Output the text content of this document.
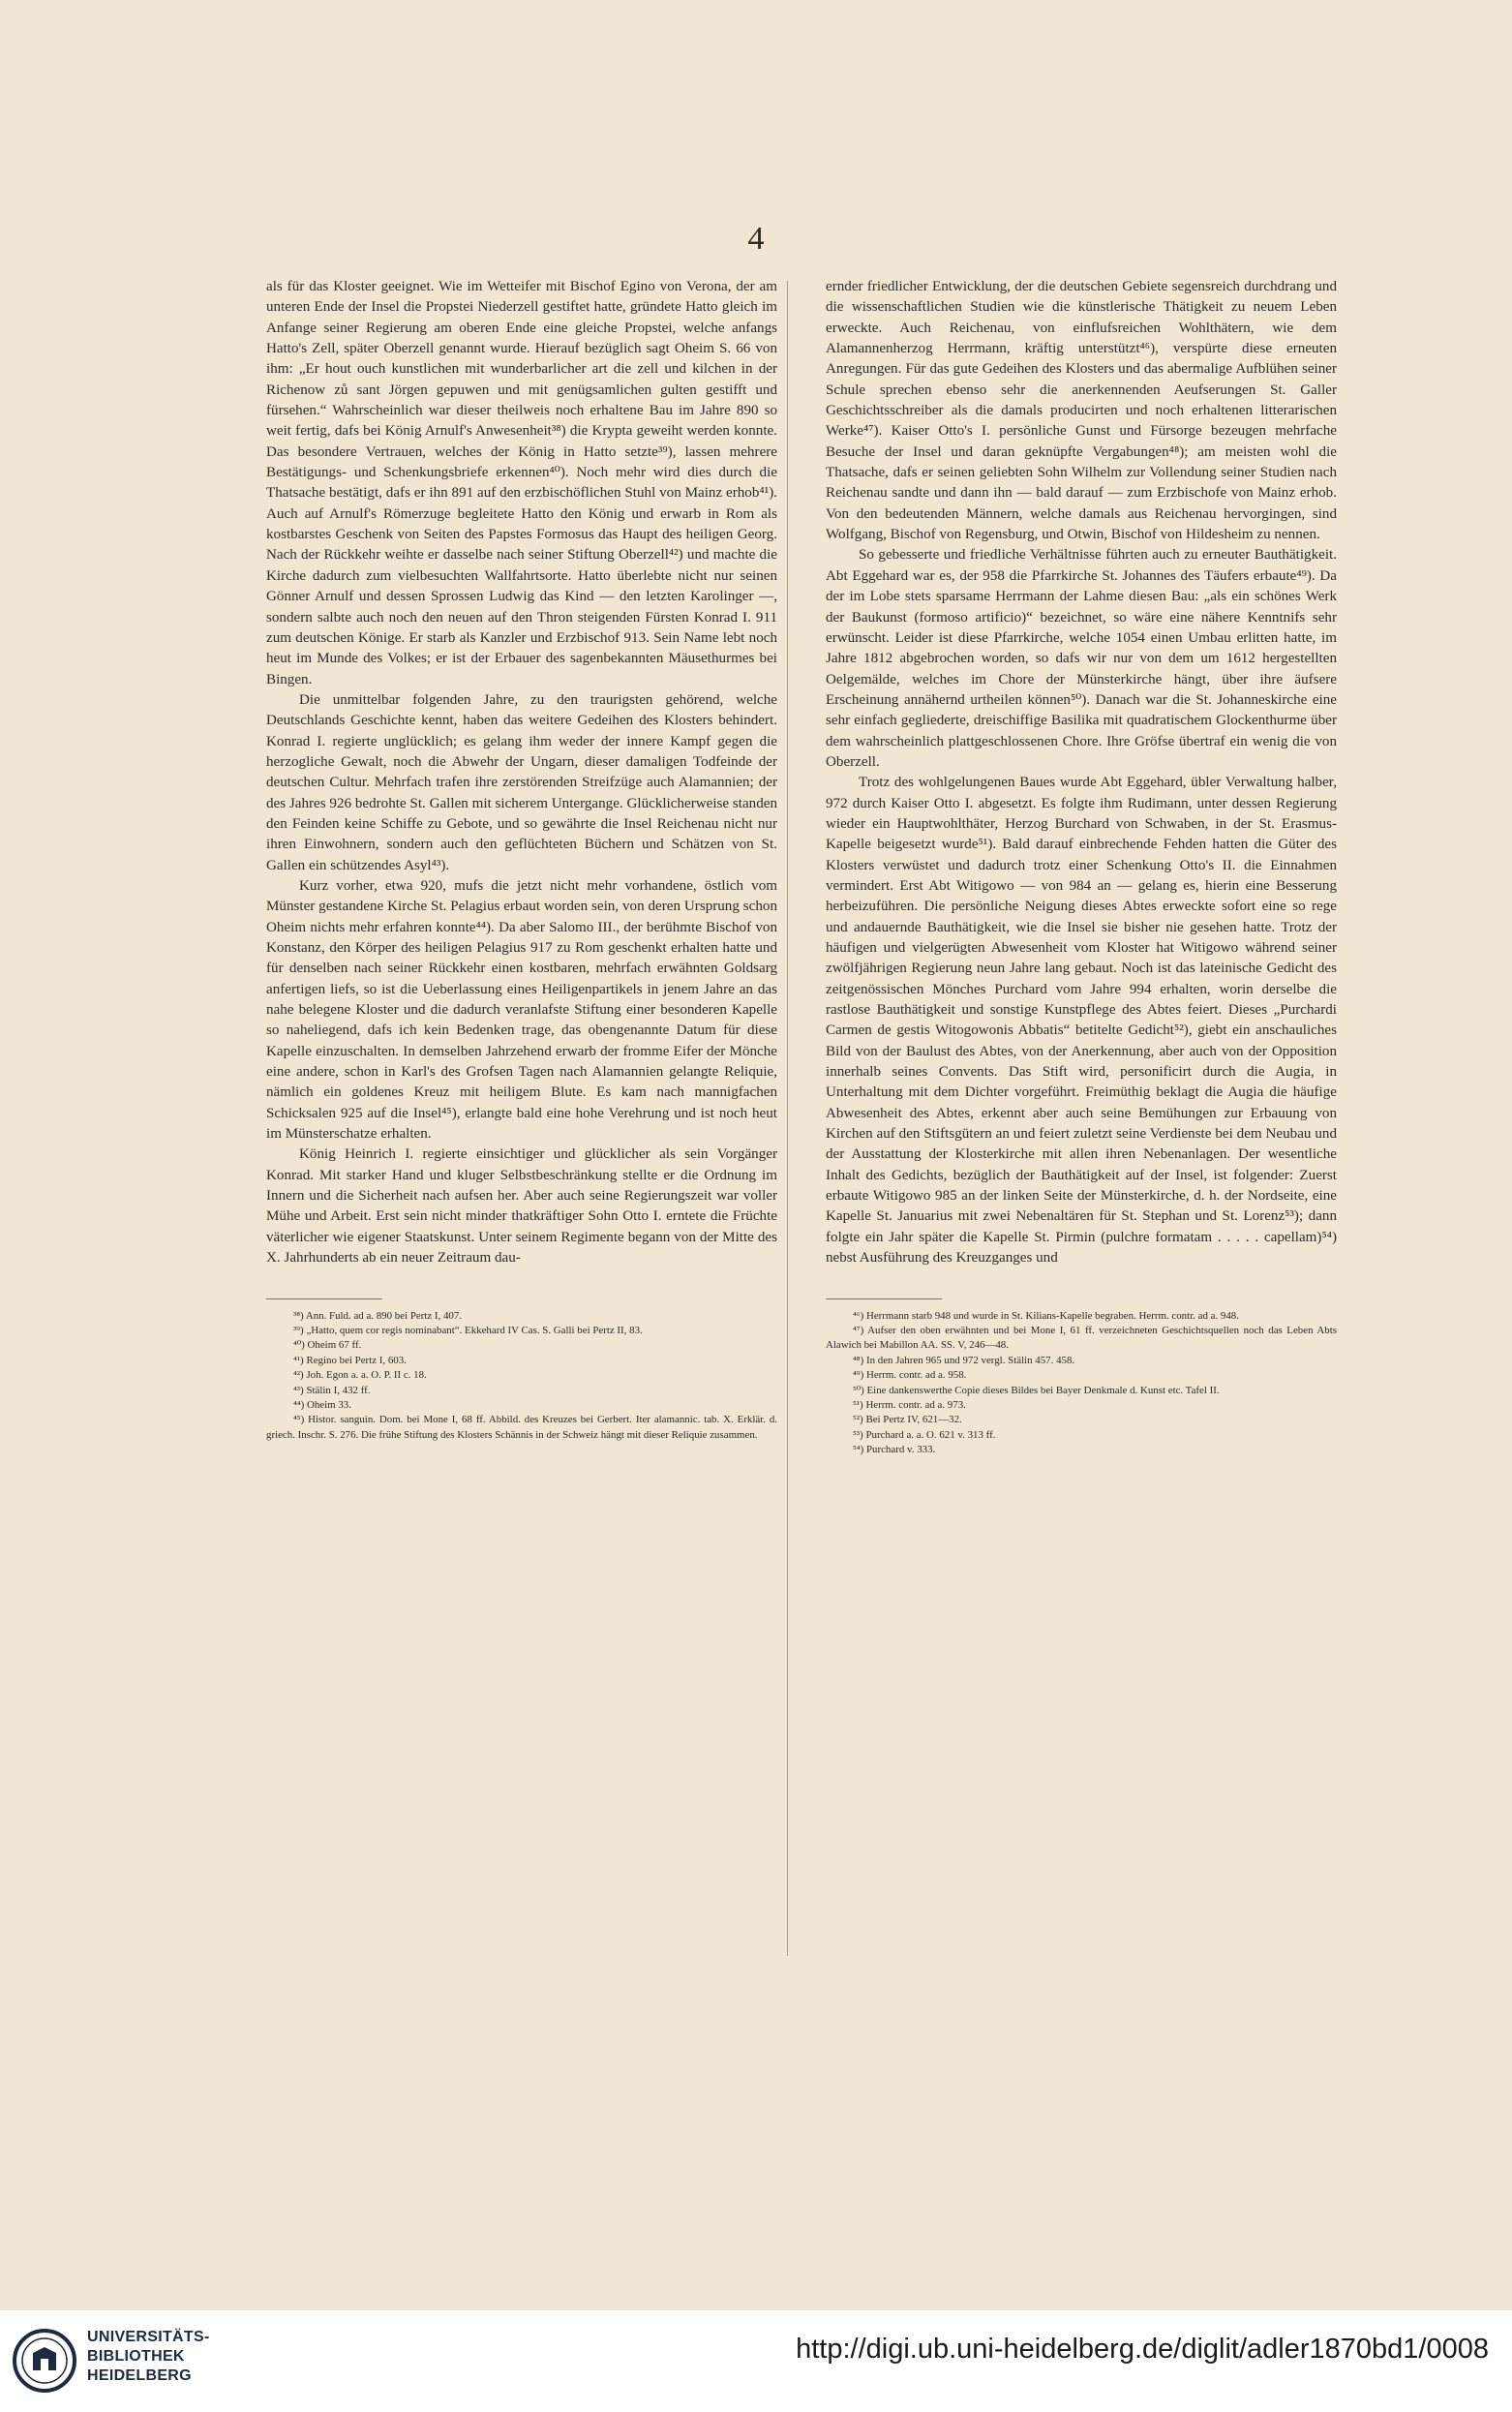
4

als für das Kloster geeignet. Wie im Wetteifer mit Bischof Egino von Verona, der am unteren Ende der Insel die Propstei Niederzell gestiftet hatte, gründete Hatto gleich im Anfange seiner Regierung am oberen Ende eine gleiche Propstei, welche anfangs Hatto's Zell, später Oberzell genannt wurde. Hierauf bezüglich sagt Oheim S. 66 von ihm: „Er hout ouch kunstlichen mit wunderbarlicher art die zell und kilchen in der Richenow zů sant Jörgen gepuwen und mit genügsamlichen gulten gestifft und fürsehen.“ Wahrscheinlich war dieser theilweis noch erhaltene Bau im Jahre 890 so weit fertig, dafs bei König Arnulf's Anwesenheit³⁸) die Krypta geweiht werden konnte. Das besondere Vertrauen, welches der König in Hatto setzte³⁹), lassen mehrere Bestätigungs- und Schenkungsbriefe erkennen⁴⁰). Noch mehr wird dies durch die Thatsache bestätigt, dafs er ihn 891 auf den erzbischöflichen Stuhl von Mainz erhob⁴¹). Auch auf Arnulf's Römerzuge begleitete Hatto den König und erwarb in Rom als kostbarstes Geschenk von Seiten des Papstes Formosus das Haupt des heiligen Georg. Nach der Rückkehr weihte er dasselbe nach seiner Stiftung Oberzell⁴²) und machte die Kirche dadurch zum vielbesuchten Wallfahrtsorte. Hatto überlebte nicht nur seinen Gönner Arnulf und dessen Sprossen Ludwig das Kind — den letzten Karolinger —, sondern salbte auch noch den neuen auf den Thron steigenden Fürsten Konrad I. 911 zum deutschen Könige. Er starb als Kanzler und Erzbischof 913. Sein Name lebt noch heut im Munde des Volkes; er ist der Erbauer des sagenbekannten Mäusethurmes bei Bingen.

Die unmittelbar folgenden Jahre, zu den traurigsten gehörend, welche Deutschlands Geschichte kennt, haben das weitere Gedeihen des Klosters behindert. Konrad I. regierte unglücklich; es gelang ihm weder der innere Kampf gegen die herzogliche Gewalt, noch die Abwehr der Ungarn, dieser damaligen Todfeinde der deutschen Cultur. Mehrfach trafen ihre zerstörenden Streifzüge auch Alamannien; der des Jahres 926 bedrohte St. Gallen mit sicherem Untergange. Glücklicherweise standen den Feinden keine Schiffe zu Gebote, und so gewährte die Insel Reichenau nicht nur ihren Einwohnern, sondern auch den geflüchteten Büchern und Schätzen von St. Gallen ein schützendes Asyl⁴³).

Kurz vorher, etwa 920, mufs die jetzt nicht mehr vorhandene, östlich vom Münster gestandene Kirche St. Pelagius erbaut worden sein, von deren Ursprung schon Oheim nichts mehr erfahren konnte⁴⁴). Da aber Salomo III., der berühmte Bischof von Konstanz, den Körper des heiligen Pelagius 917 zu Rom geschenkt erhalten hatte und für denselben nach seiner Rückkehr einen kostbaren, mehrfach erwähnten Goldsarg anfertigen liefs, so ist die Ueberlassung eines Heiligenpartikels in jenem Jahre an das nahe belegene Kloster und die dadurch veranlafste Stiftung einer besonderen Kapelle so naheliegend, dafs ich kein Bedenken trage, das obengenannte Datum für diese Kapelle einzuschalten. In demselben Jahrzehend erwarb der fromme Eifer der Mönche eine andere, schon in Karl's des Grofsen Tagen nach Alamannien gelangte Reliquie, nämlich ein goldenes Kreuz mit heiligem Blute. Es kam nach mannigfachen Schicksalen 925 auf die Insel⁴⁵), erlangte bald eine hohe Verehrung und ist noch heut im Münsterschatze erhalten.

König Heinrich I. regierte einsichtiger und glücklicher als sein Vorgänger Konrad. Mit starker Hand und kluger Selbstbeschränkung stellte er die Ordnung im Innern und die Sicherheit nach aufsen her. Aber auch seine Regierungszeit war voller Mühe und Arbeit. Erst sein nicht minder thatkräftiger Sohn Otto I. erntete die Früchte väterlicher wie eigener Staatskunst. Unter seinem Regimente begann von der Mitte des X. Jahrhunderts ab ein neuer Zeitraum dau-

³⁸) Ann. Fuld. ad a. 890 bei Pertz I, 407.

³⁹) „Hatto, quem cor regis nominabant“. Ekkehard IV Cas. S. Galli bei Pertz II, 83.

⁴⁰) Oheim 67 ff.

⁴¹) Regino bei Pertz I, 603.

⁴²) Joh. Egon a. a. O. P. II c. 18.

⁴³) Stälin I, 432 ff.

⁴⁴) Oheim 33.

⁴⁵) Histor. sanguin. Dom. bei Mone I, 68 ff. Abbild. des Kreuzes bei Gerbert. Iter alamannic. tab. X. Erklär. d. griech. Inschr. S. 276. Die frühe Stiftung des Klosters Schännis in der Schweiz hängt mit dieser Reliquie zusammen.

ernder friedlicher Entwicklung, der die deutschen Gebiete segensreich durchdrang und die wissenschaftlichen Studien wie die künstlerische Thätigkeit zu neuem Leben erweckte. Auch Reichenau, von einflufsreichen Wohlthätern, wie dem Alamannenherzog Herrmann, kräftig unterstützt⁴⁶), verspürte diese erneuten Anregungen. Für das gute Gedeihen des Klosters und das abermalige Aufblühen seiner Schule sprechen ebenso sehr die anerkennenden Aeufserungen St. Galler Geschichtsschreiber als die damals producirten und noch erhaltenen litterarischen Werke⁴⁷). Kaiser Otto's I. persönliche Gunst und Fürsorge bezeugen mehrfache Besuche der Insel und daran geknüpfte Vergabungen⁴⁸); am meisten wohl die Thatsache, dafs er seinen geliebten Sohn Wilhelm zur Vollendung seiner Studien nach Reichenau sandte und dann ihn — bald darauf — zum Erzbischofe von Mainz erhob. Von den bedeutenden Männern, welche damals aus Reichenau hervorgingen, sind Wolfgang, Bischof von Regensburg, und Otwin, Bischof von Hildesheim zu nennen.

So gebesserte und friedliche Verhältnisse führten auch zu erneuter Bauthätigkeit. Abt Eggehard war es, der 958 die Pfarrkirche St. Johannes des Täufers erbaute⁴⁹). Da der im Lobe stets sparsame Herrmann der Lahme diesen Bau: „als ein schönes Werk der Baukunst (formoso artificio)“ bezeichnet, so wäre eine nähere Kenntnifs sehr erwünscht. Leider ist diese Pfarrkirche, welche 1054 einen Umbau erlitten hatte, im Jahre 1812 abgebrochen worden, so dafs wir nur von dem um 1612 hergestellten Oelgemälde, welches im Chore der Münsterkirche hängt, über ihre äufsere Erscheinung annähernd urtheilen können⁵⁰). Danach war die St. Johanneskirche eine sehr einfach gegliederte, dreischiffige Basilika mit quadratischem Glockenthurme über dem wahrscheinlich plattgeschlossenen Chore. Ihre Gröfse übertraf ein wenig die von Oberzell.

Trotz des wohlgelungenen Baues wurde Abt Eggehard, übler Verwaltung halber, 972 durch Kaiser Otto I. abgesetzt. Es folgte ihm Rudimann, unter dessen Regierung wieder ein Hauptwohlthäter, Herzog Burchard von Schwaben, in der St. Erasmus-Kapelle beigesetzt wurde⁵¹). Bald darauf einbrechende Fehden hatten die Güter des Klosters verwüstet und dadurch trotz einer Schenkung Otto's II. die Einnahmen vermindert. Erst Abt Witigowo — von 984 an — gelang es, hierin eine Besserung herbeizuführen. Die persönliche Neigung dieses Abtes erweckte sofort eine so rege und andauernde Bauthätigkeit, wie die Insel sie bisher nie gesehen hatte. Trotz der häufigen und vielgerügten Abwesenheit vom Kloster hat Witigowo während seiner zwölfjährigen Regierung neun Jahre lang gebaut. Noch ist das lateinische Gedicht des zeitgenössischen Mönches Purchard vom Jahre 994 erhalten, worin derselbe die rastlose Bauthätigkeit und sonstige Kunstpflege des Abtes feiert. Dieses „Purchardi Carmen de gestis Witogowonis Abbatis“ betitelte Gedicht⁵²), giebt ein anschauliches Bild von der Baulust des Abtes, von der Anerkennung, aber auch von der Opposition innerhalb seines Convents. Das Stift wird, personificirt durch die Augia, in Unterhaltung mit dem Dichter vorgeführt. Freimüthig beklagt die Augia die häufige Abwesenheit des Abtes, erkennt aber auch seine Bemühungen zur Erbauung von Kirchen auf den Stiftsgütern an und feiert zuletzt seine Verdienste bei dem Neubau und der Ausstattung der Klosterkirche mit allen ihren Nebenanlagen. Der wesentliche Inhalt des Gedichts, bezüglich der Bauthätigkeit auf der Insel, ist folgender: Zuerst erbaute Witigowo 985 an der linken Seite der Münsterkirche, d. h. der Nordseite, eine Kapelle St. Januarius mit zwei Nebenaltären für St. Stephan und St. Lorenz⁵³); dann folgte ein Jahr später die Kapelle St. Pirmin (pulchre formatam . . . . . capellam)⁵⁴) nebst Ausführung des Kreuzganges und

⁴⁶) Herrmann starb 948 und wurde in St. Kilians-Kapelle begraben. Herrm. contr. ad a. 948.

⁴⁷) Aufser den oben erwähnten und bei Mone I, 61 ff. verzeichneten Geschichtsquellen noch das Leben Abts Alawich bei Mabillon AA. SS. V, 246—48.

⁴⁸) In den Jahren 965 und 972 vergl. Stälin 457. 458.

⁴⁹) Herrm. contr. ad a. 958.

⁵⁰) Eine dankenswerthe Copie dieses Bildes bei Bayer Denkmale d. Kunst etc. Tafel II.

⁵¹) Herrm. contr. ad a. 973.

⁵²) Bei Pertz IV, 621—32.

⁵³) Purchard a. a. O. 621 v. 313 ff.

⁵⁴) Purchard v. 333.

UNIVERSITÄTS-
BIBLIOTHEK
HEIDELBERG
http://digi.ub.uni-heidelberg.de/diglit/adler1870bd1/0008
